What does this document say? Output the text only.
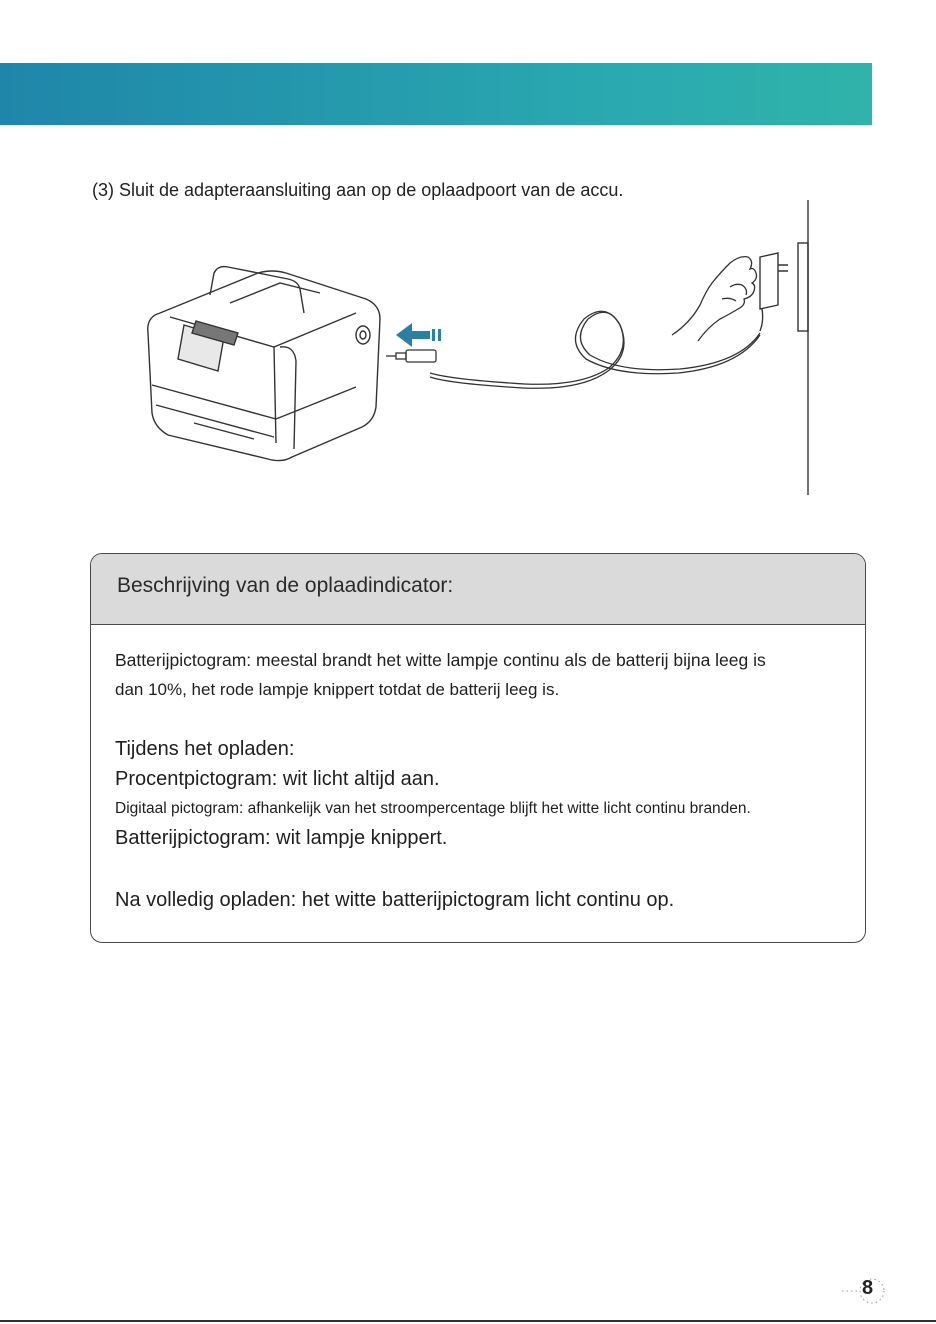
(3) Sluit de adapteraansluiting aan op de oplaadpoort van de accu.
Beschrijving van de oplaadindicator:
Batterijpictogram: meestal brandt het witte lampje continu als de batterij bijna leeg is
dan 10%, het rode lampje knippert totdat de batterij leeg is.
Tijdens het opladen:
Procentpictogram: wit licht altijd aan.
Digitaal pictogram: afhankelijk van het stroompercentage blijft het witte licht continu branden.
Batterijpictogram: wit lampje knippert.
Na volledig opladen: het witte batterijpictogram licht continu op.
8
